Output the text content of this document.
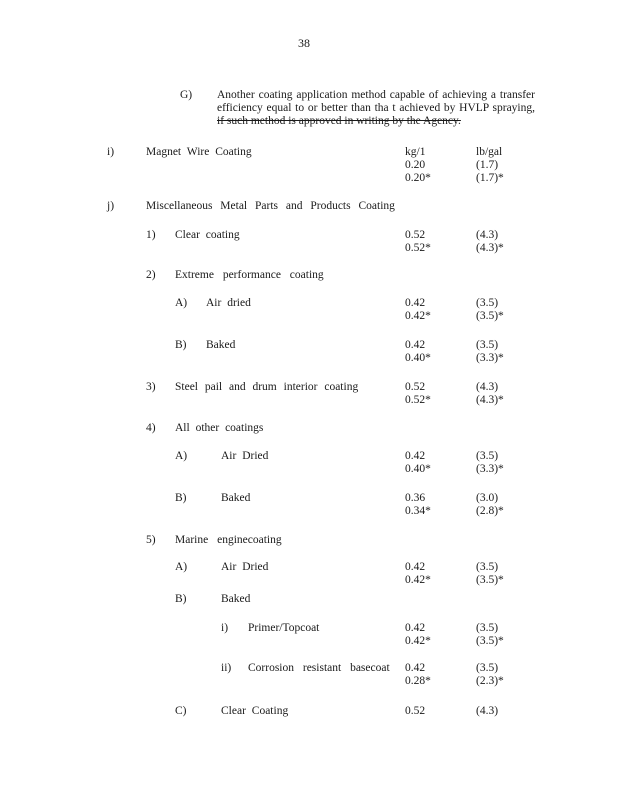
38
G) Another coating application method capable of achieving a transfer
efficiency equal to or better than tha t achieved by HVLP spraying,
if such method is approved in writing by the Agency.
i)	Magnet Wire Coating	kg/1	lb/gal
0.20	(1.7)
0.20*	(1.7)*
j)	Miscellaneous Metal Parts and Products Coating
1) Clear coating	0.52	(4.3)
0.52*	(4.3)*
2) Extreme performance coating
A) Air dried	0.42	(3.5)
0.42*	(3.5)*
B) Baked	0.42	(3.5)
0.40*	(3.3)*
3) Steel pail and drum interior coating	0.52	(4.3)
0.52*	(4.3)*
4) All other coatings
A)	Air Dried	0.42	(3.5)
0.40*	(3.3)*
B)	Baked	0.36	(3.0)
0.34*	(2.8)*
5) Marine enginecoating
A)	Air Dried	0.42	(3.5)
0.42*	(3.5)*
B)	Baked
i) Primer/Topcoat	0.42	(3.5)
0.42*	(3.5)*
ii) Corrosion resistant basecoat 0.42	(3.5)
0.28*	(2.3)*
C)	Clear Coating	0.52	(4.3)
